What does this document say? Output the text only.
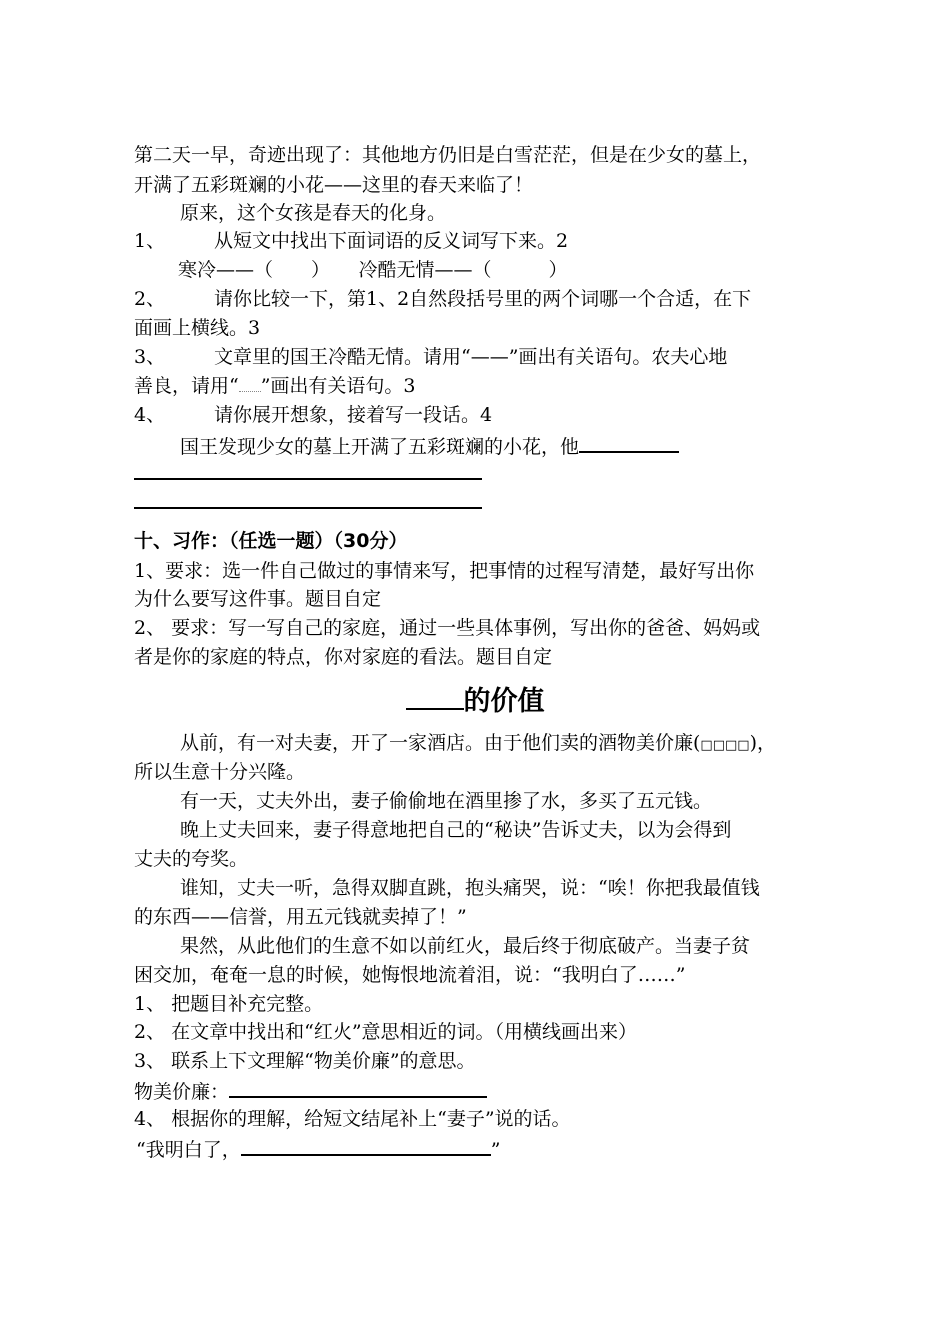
第二天一早，奇迹出现了：其他地方仍旧是白雪茫茫，但是在少女的墓上，
开满了五彩斑斓的小花——这里的春天来临了！
原来，这个女孩是春天的化身。
1、	从短文中找出下面词语的反义词写下来。2
寒冷——（　　）　　冷酷无情——（　　　）
2、	请你比较一下，第1、2自然段括号里的两个词哪一个合适，在下
面画上横线。3
3、	文章里的国王冷酷无情。请用“——”画出有关语句。农夫心地
善良，请用“ ”画出有关语句。3
4、	请你展开想象，接着写一段话。4
国王发现少女的墓上开满了五彩斑斓的小花，他
十、习作：（任选一题）（30分）
1、要求：选一件自己做过的事情来写，把事情的过程写清楚，最好写出你
为什么要写这件事。题目自定
2、 要求：写一写自己的家庭，通过一些具体事例，写出你的爸爸、妈妈或
者是你的家庭的特点，你对家庭的看法。题目自定
的价值
从前，有一对夫妻，开了一家酒店。由于他们卖的酒物美价廉(□□□□)，
所以生意十分兴隆。
有一天，丈夫外出，妻子偷偷地在酒里掺了水，多买了五元钱。
晚上丈夫回来，妻子得意地把自己的“秘诀”告诉丈夫，以为会得到
丈夫的夸奖。
谁知，丈夫一听，急得双脚直跳，抱头痛哭，说：“唉！你把我最值钱
的东西——信誉，用五元钱就卖掉了！”
果然，从此他们的生意不如以前红火，最后终于彻底破产。当妻子贫
困交加，奄奄一息的时候，她悔恨地流着泪，说：“我明白了……”
1、 把题目补充完整。
2、 在文章中找出和“红火”意思相近的词。（用横线画出来）
3、 联系上下文理解“物美价廉”的意思。
物美价廉：
4、 根据你的理解，给短文结尾补上“妻子”说的话。
“我明白了，	”
